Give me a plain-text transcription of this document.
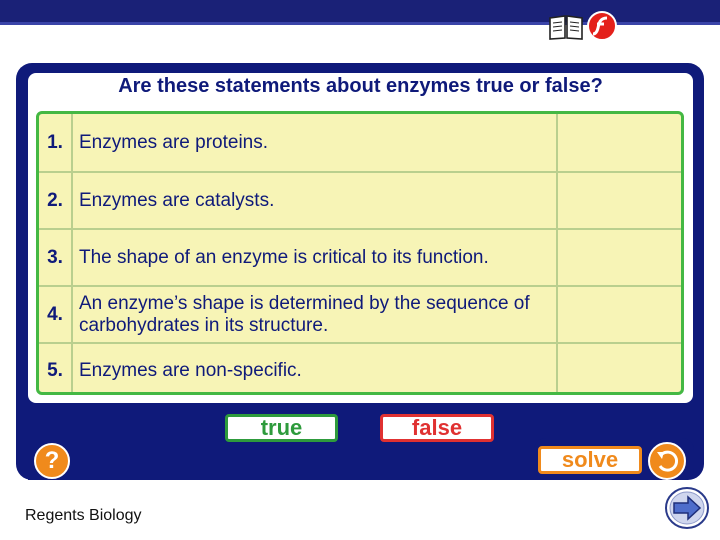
Are these statements about enzymes true or false?
1. Enzymes are proteins.
2. Enzymes are catalysts.
3. The shape of an enzyme is critical to its function.
4.
An enzyme’s shape is determined by the sequence of carbohydrates in its structure.
5. Enzymes are non-specific.
true	false
?	solve
Regents Biology
